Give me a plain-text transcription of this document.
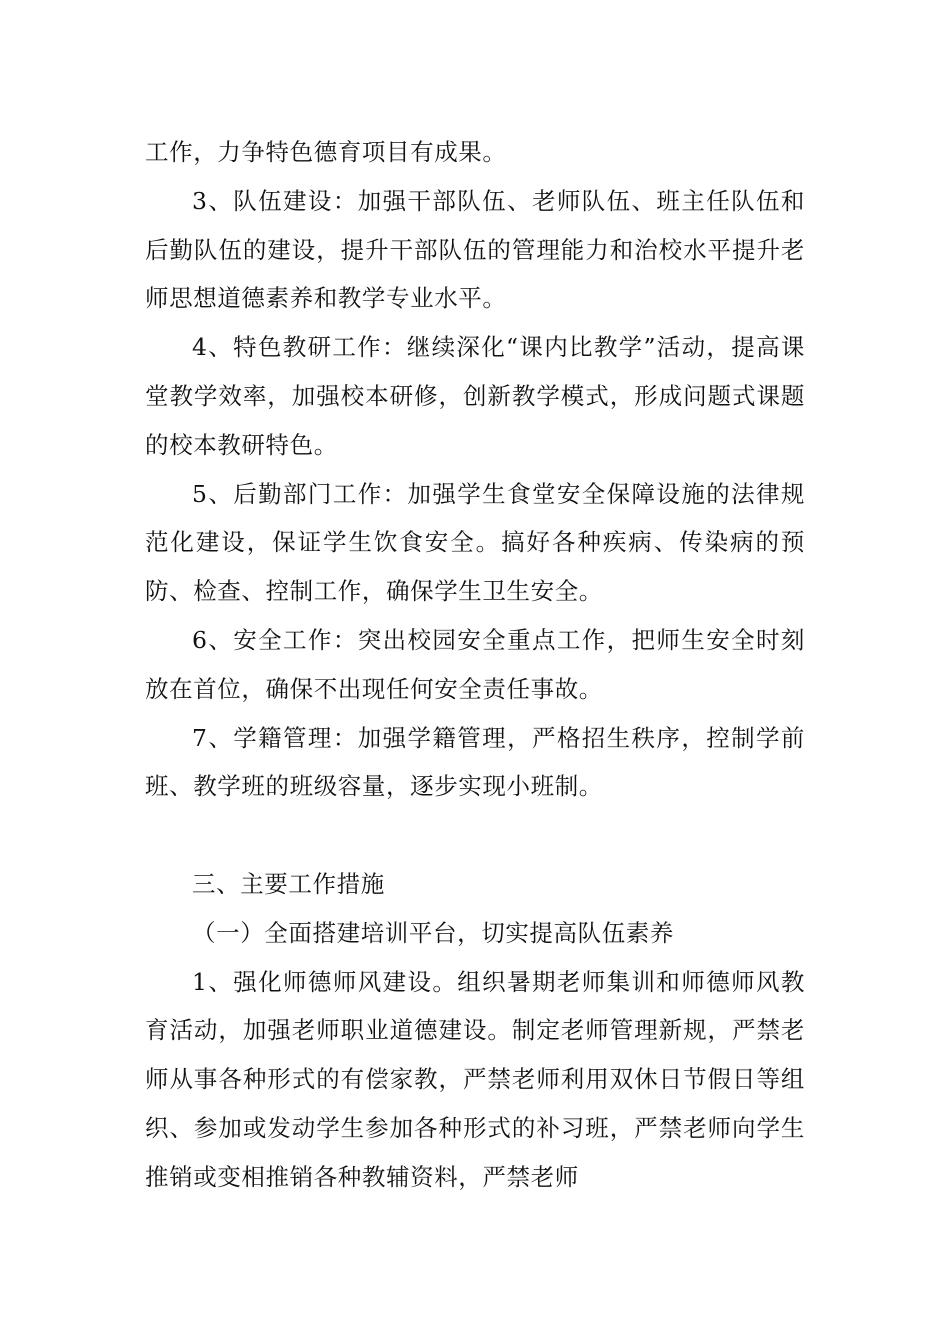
工作，力争特色德育项目有成果。

3、队伍建设：加强干部队伍、老师队伍、班主任队伍和后勤队伍的建设，提升干部队伍的管理能力和治校水平提升老师思想道德素养和教学专业水平。

4、特色教研工作：继续深化“课内比教学”活动，提高课堂教学效率，加强校本研修，创新教学模式，形成问题式课题的校本教研特色。

5、后勤部门工作：加强学生食堂安全保障设施的法律规范化建设，保证学生饮食安全。搞好各种疾病、传染病的预防、检查、控制工作，确保学生卫生安全。

6、安全工作：突出校园安全重点工作，把师生安全时刻放在首位，确保不出现任何安全责任事故。

7、学籍管理：加强学籍管理，严格招生秩序，控制学前班、教学班的班级容量，逐步实现小班制。

三、主要工作措施

（一）全面搭建培训平台，切实提高队伍素养

1、强化师德师风建设。组织暑期老师集训和师德师风教育活动，加强老师职业道德建设。制定老师管理新规，严禁老师从事各种形式的有偿家教，严禁老师利用双休日节假日等组织、参加或发动学生参加各种形式的补习班，严禁老师向学生推销或变相推销各种教辅资料，严禁老师
